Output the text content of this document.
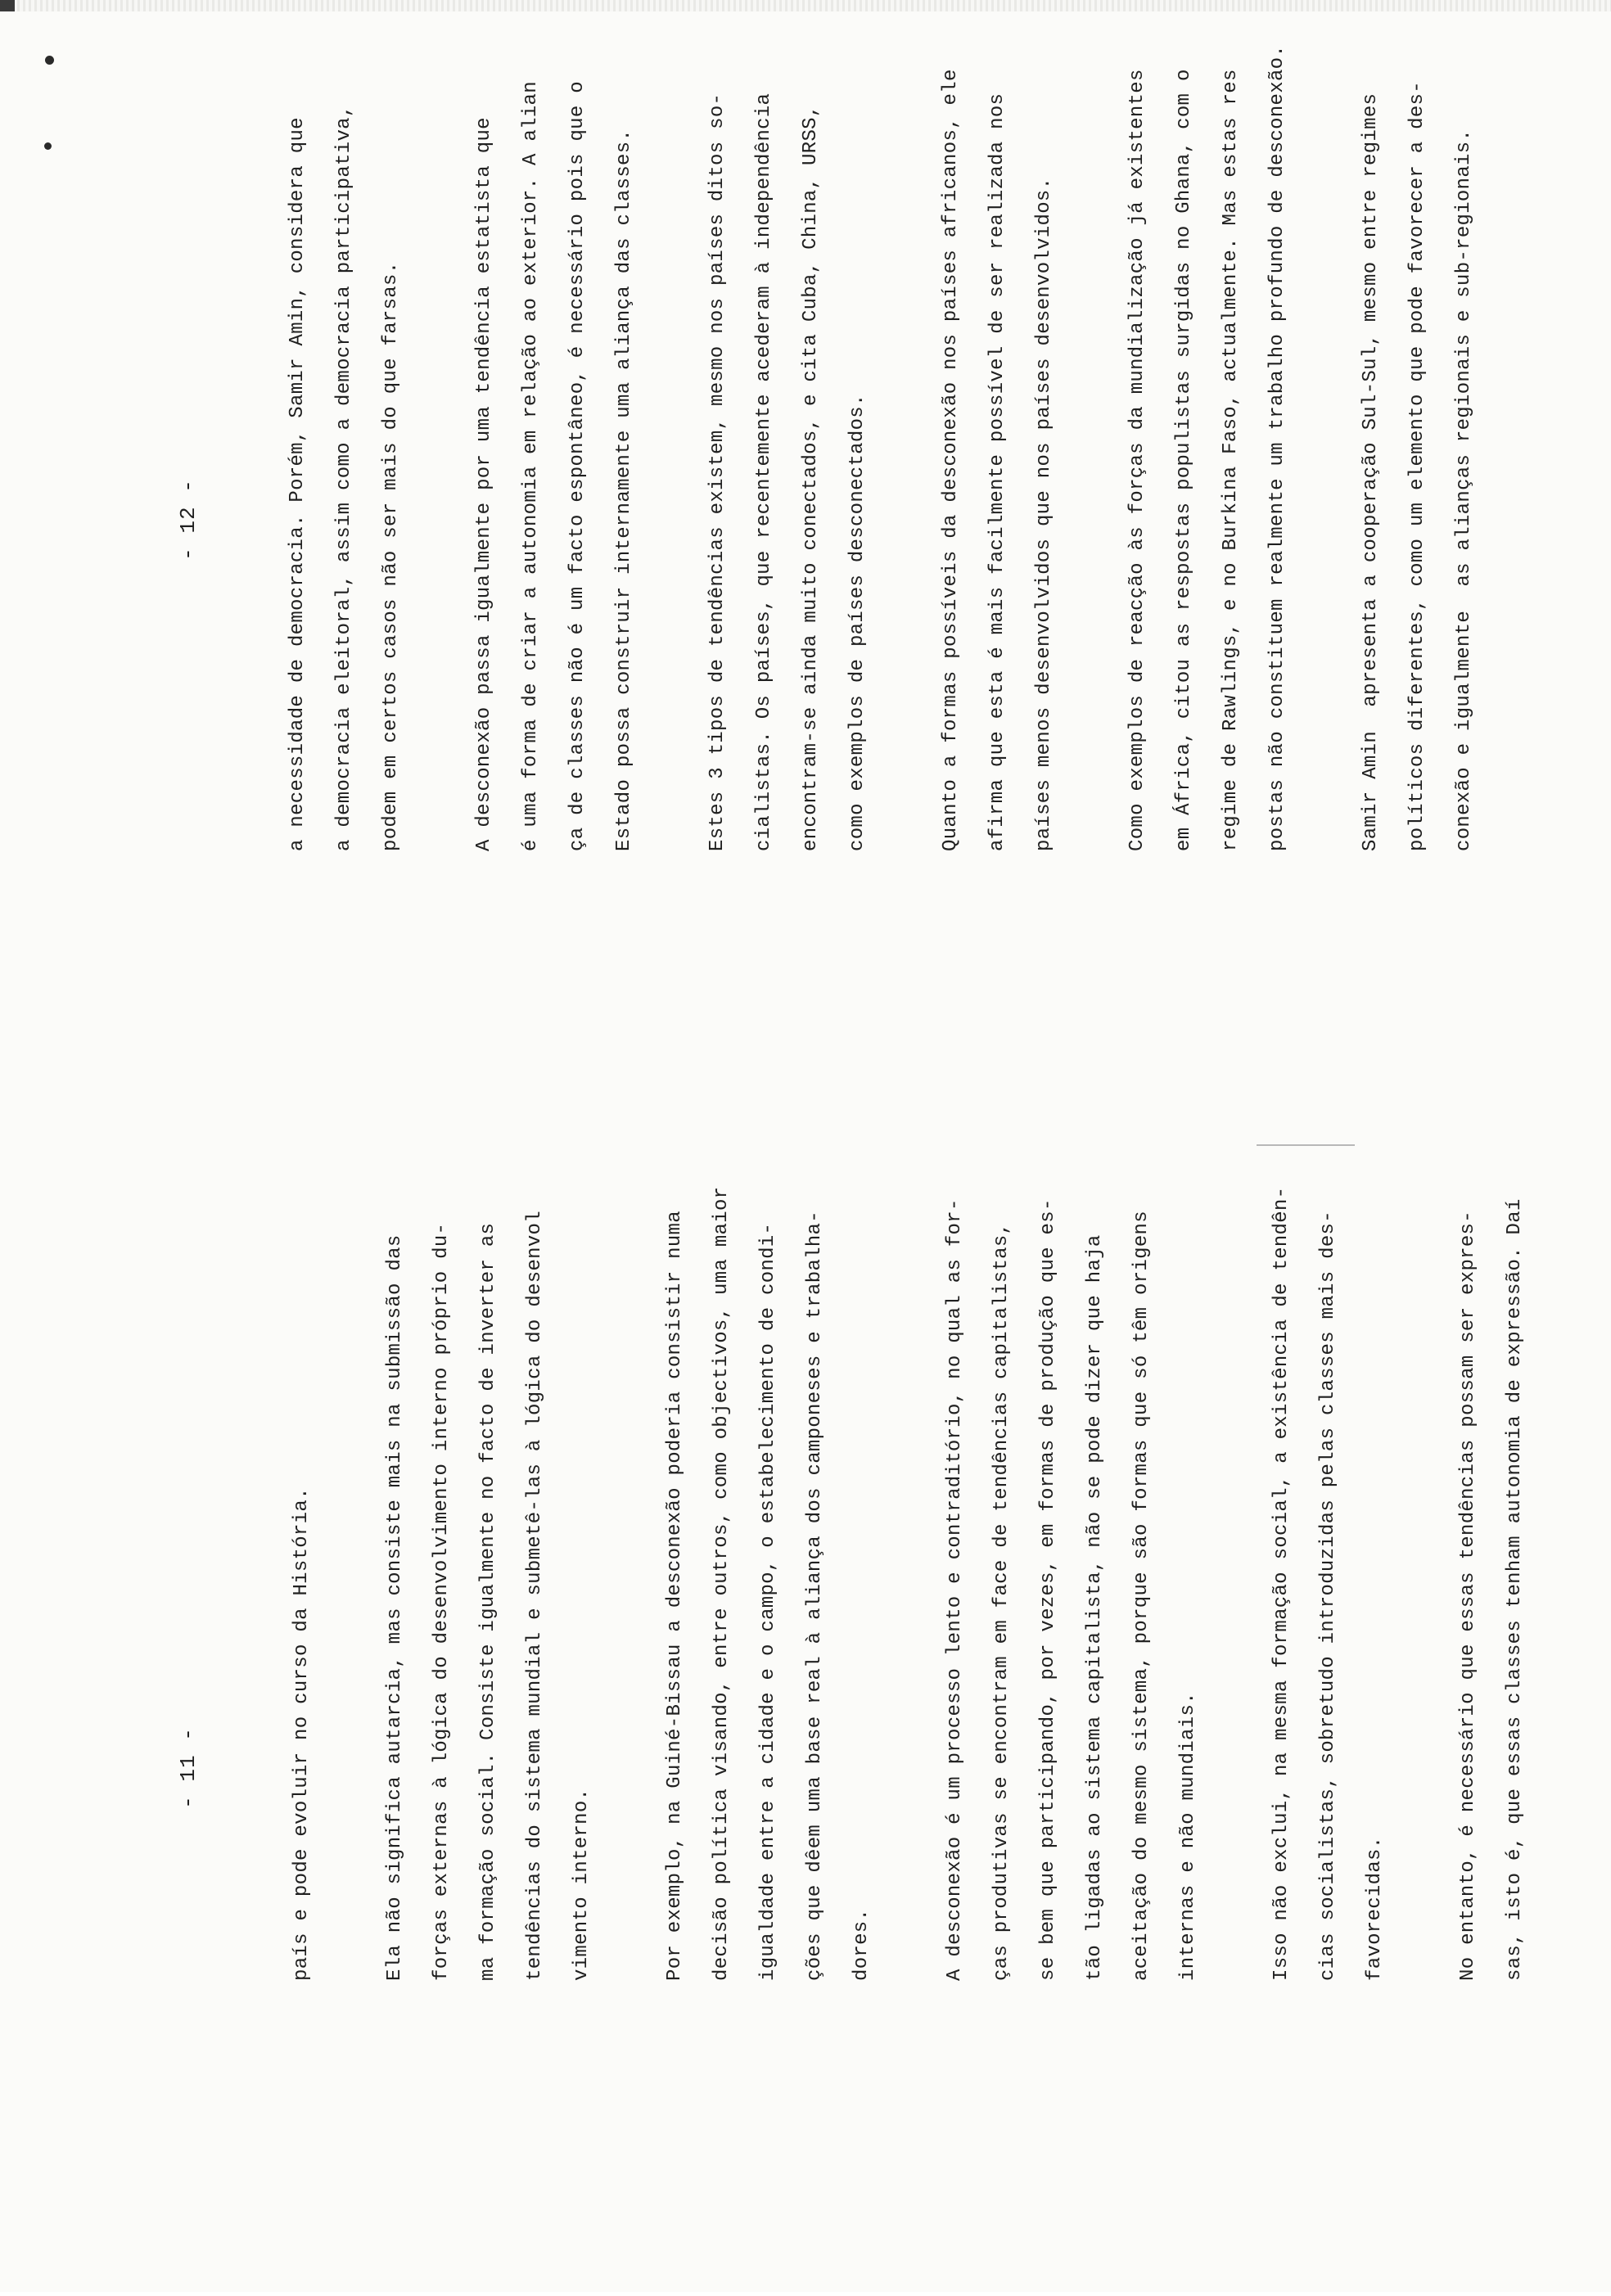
- 11 -	país e pode evoluir no curso da História.	Ela não significa autarcia, mas consiste mais na submissão das	forças externas à lógica do desenvolvimento interno próprio du-	ma formação social. Consiste igualmente no facto de inverter as	tendências do sistema mundial e submetê-las à lógica do desenvol	vimento interno.	Por exemplo, na Guiné-Bissau a desconexão poderia consistir numa	decisão política visando, entre outros, como objectivos, uma maior	igualdade entre a cidade e o campo, o estabelecimento de condi-	ções que dêem uma base real à aliança dos camponeses e trabalha-	dores.	A desconexão é um processo lento e contraditório, no qual as for-	ças produtivas se encontram em face de tendências capitalistas,	se bem que participando, por vezes, em formas de produção que es-	tão ligadas ao sistema capitalista, não se pode dizer que haja	aceitação do mesmo sistema, porque são formas que só têm origens	internas e não mundiais.	Isso não exclui, na mesma formação social, a existência de tendên-	cias socialistas, sobretudo introduzidas pelas classes mais des-	favorecidas.	No entanto, é necessário que essas tendências possam ser expres-	sas, isto é, que essas classes tenham autonomia de expressão. Daí
- 12 -	a necessidade de democracia. Porém, Samir Amin, considera que	a democracia eleitoral, assim como a democracia participativa,	podem em certos casos não ser mais do que farsas.	A desconexão passa igualmente por uma tendência estatista que	é uma forma de criar a autonomia em relação ao exterior. A alian	ça de classes não é um facto espontâneo, é necessário pois que o	Estado possa construir internamente uma aliança das classes.	Estes 3 tipos de tendências existem, mesmo nos países ditos so-	cialistas. Os países, que recentemente acederam à independência	encontram-se ainda muito conectados, e cita Cuba, China, URSS,	como exemplos de países desconectados.	Quanto a formas possíveis da desconexão nos países africanos, ele	afirma que esta é mais facilmente possível de ser realizada nos	países menos desenvolvidos que nos países desenvolvidos.	Como exemplos de reacção às forças da mundialização já existentes	em África, citou as respostas populistas surgidas no Ghana, com o	regime de Rawlings, e no Burkina Faso, actualmente. Mas estas res	postas não constituem realmente um trabalho profundo de desconexão.	Samir Amin  apresenta a cooperação Sul-Sul, mesmo entre regimes	políticos diferentes, como um elemento que pode favorecer a des-	conexão e igualmente  as alianças regionais e sub-regionais.
